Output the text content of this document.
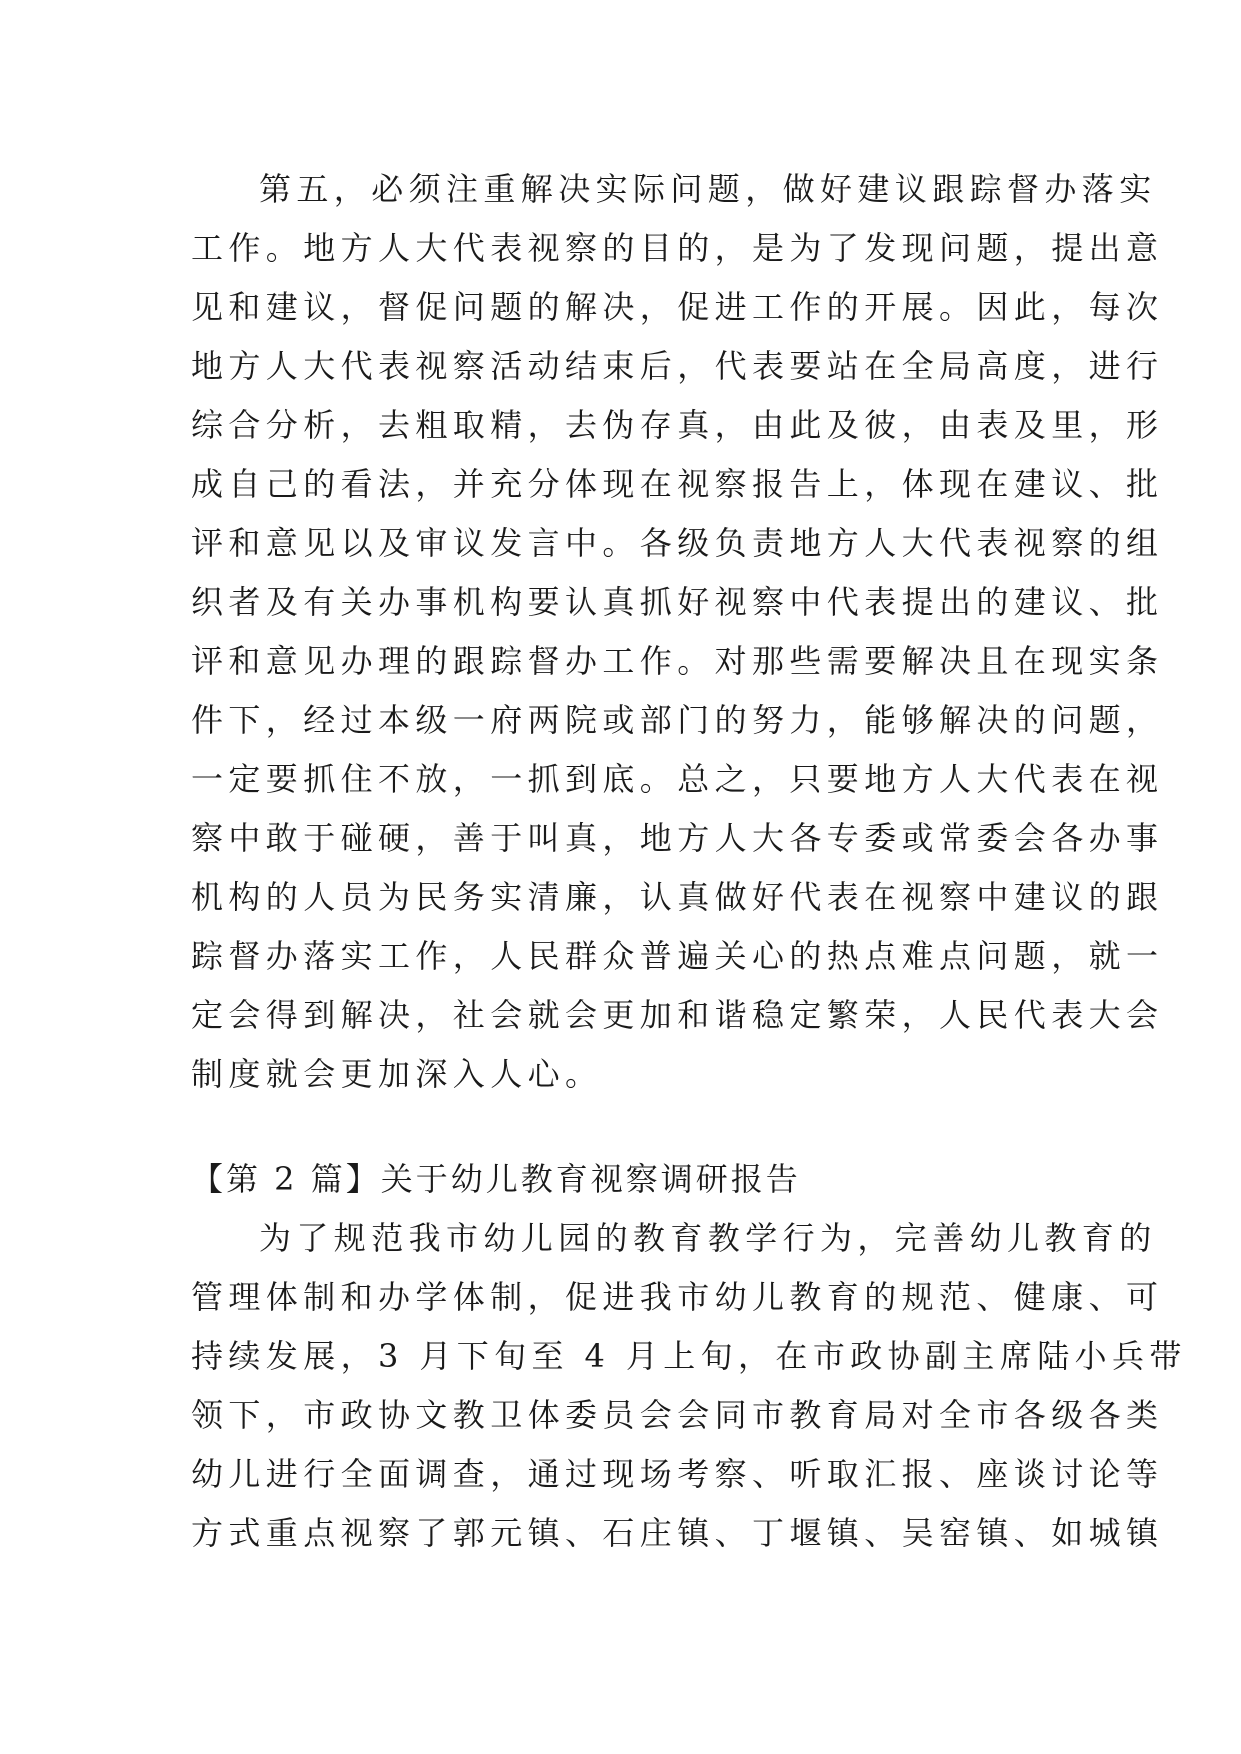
第五，必须注重解决实际问题，做好建议跟踪督办落实
工作。地方人大代表视察的目的，是为了发现问题，提出意
见和建议，督促问题的解决，促进工作的开展。因此，每次
地方人大代表视察活动结束后，代表要站在全局高度，进行
综合分析，去粗取精，去伪存真，由此及彼，由表及里，形
成自己的看法，并充分体现在视察报告上，体现在建议、批
评和意见以及审议发言中。各级负责地方人大代表视察的组
织者及有关办事机构要认真抓好视察中代表提出的建议、批
评和意见办理的跟踪督办工作。对那些需要解决且在现实条
件下，经过本级一府两院或部门的努力，能够解决的问题，
一定要抓住不放，一抓到底。总之，只要地方人大代表在视
察中敢于碰硬，善于叫真，地方人大各专委或常委会各办事
机构的人员为民务实清廉，认真做好代表在视察中建议的跟
踪督办落实工作，人民群众普遍关心的热点难点问题，就一
定会得到解决，社会就会更加和谐稳定繁荣，人民代表大会
制度就会更加深入人心。
【第 2 篇】关于幼儿教育视察调研报告
为了规范我市幼儿园的教育教学行为，完善幼儿教育的
管理体制和办学体制，促进我市幼儿教育的规范、健康、可
持续发展，3 月下旬至 4 月上旬，在市政协副主席陆小兵带
领下，市政协文教卫体委员会会同市教育局对全市各级各类
幼儿进行全面调查，通过现场考察、听取汇报、座谈讨论等
方式重点视察了郭元镇、石庄镇、丁堰镇、吴窑镇、如城镇
